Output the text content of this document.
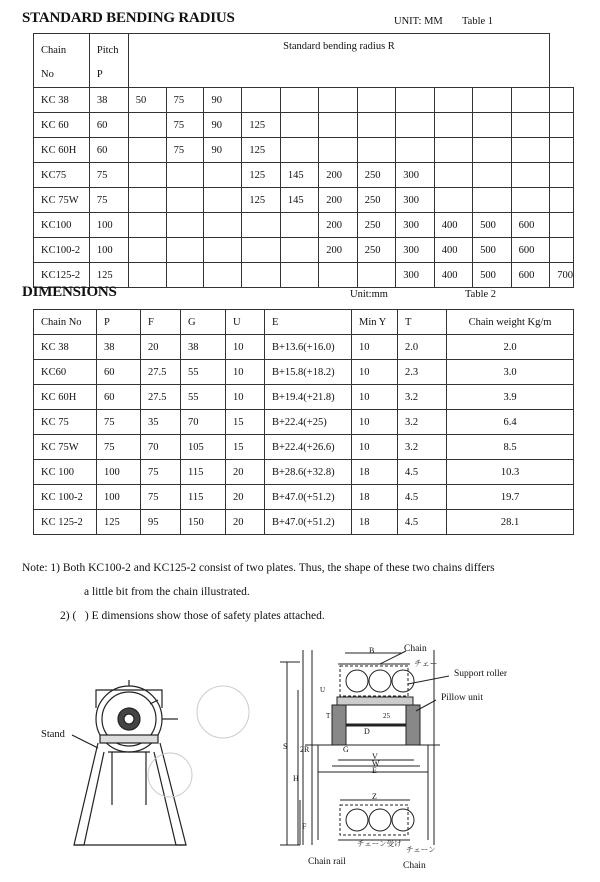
STANDARD BENDING RADIUS	UNIT: MM Table 1
Chain
No	Pitch
P	Standard bending radius R											
KC 38	38	50	75	90									
KC 60	60		75	90	125								
KC 60H	60		75	90	125								
KC75	75				125	145	200	250	300				
KC 75W	75				125	145	200	250	300				
KC100	100						200	250	300	400	500	600	
KC100-2	100						200	250	300	400	500	600	
KC125-2	125								300	400	500	600	700
DIMENSIONS	Unit:mm	Table 2
Chain No	P	F	G	U	E	Min Y	T	Chain weight Kg/m
KC 38	38	20	38	10	B+13.6(+16.0)	10	2.0	2.0
KC60	60	27.5	55	10	B+15.8(+18.2)	10	2.3	3.0
KC 60H	60	27.5	55	10	B+19.4(+21.8)	10	3.2	3.9
KC 75	75	35	70	15	B+22.4(+25)	10	3.2	6.4
KC 75W	75	70	105	15	B+22.4(+26.6)	10	3.2	8.5
KC 100	100	75	115	20	B+28.6(+32.8)	18	4.5	10.3
KC 100-2	100	75	115	20	B+47.0(+51.2)	18	4.5	19.7
KC 125-2	125	95	150	20	B+47.0(+51.2)	18	4.5	28.1
Note: 1) Both KC100-2 and KC125-2 consist of two plates. Thus, the shape of these two chains differs
a little bit from the chain illustrated.
2) (   ) E dimensions show those of safety plates attached.
Stand
Chain
チェー
Support roller
Pillow unit
Chain rail	Chain
チェーン受け
チェーン
B
S 2R
H
F
G
V
W
E
Z
D
T
U
25
